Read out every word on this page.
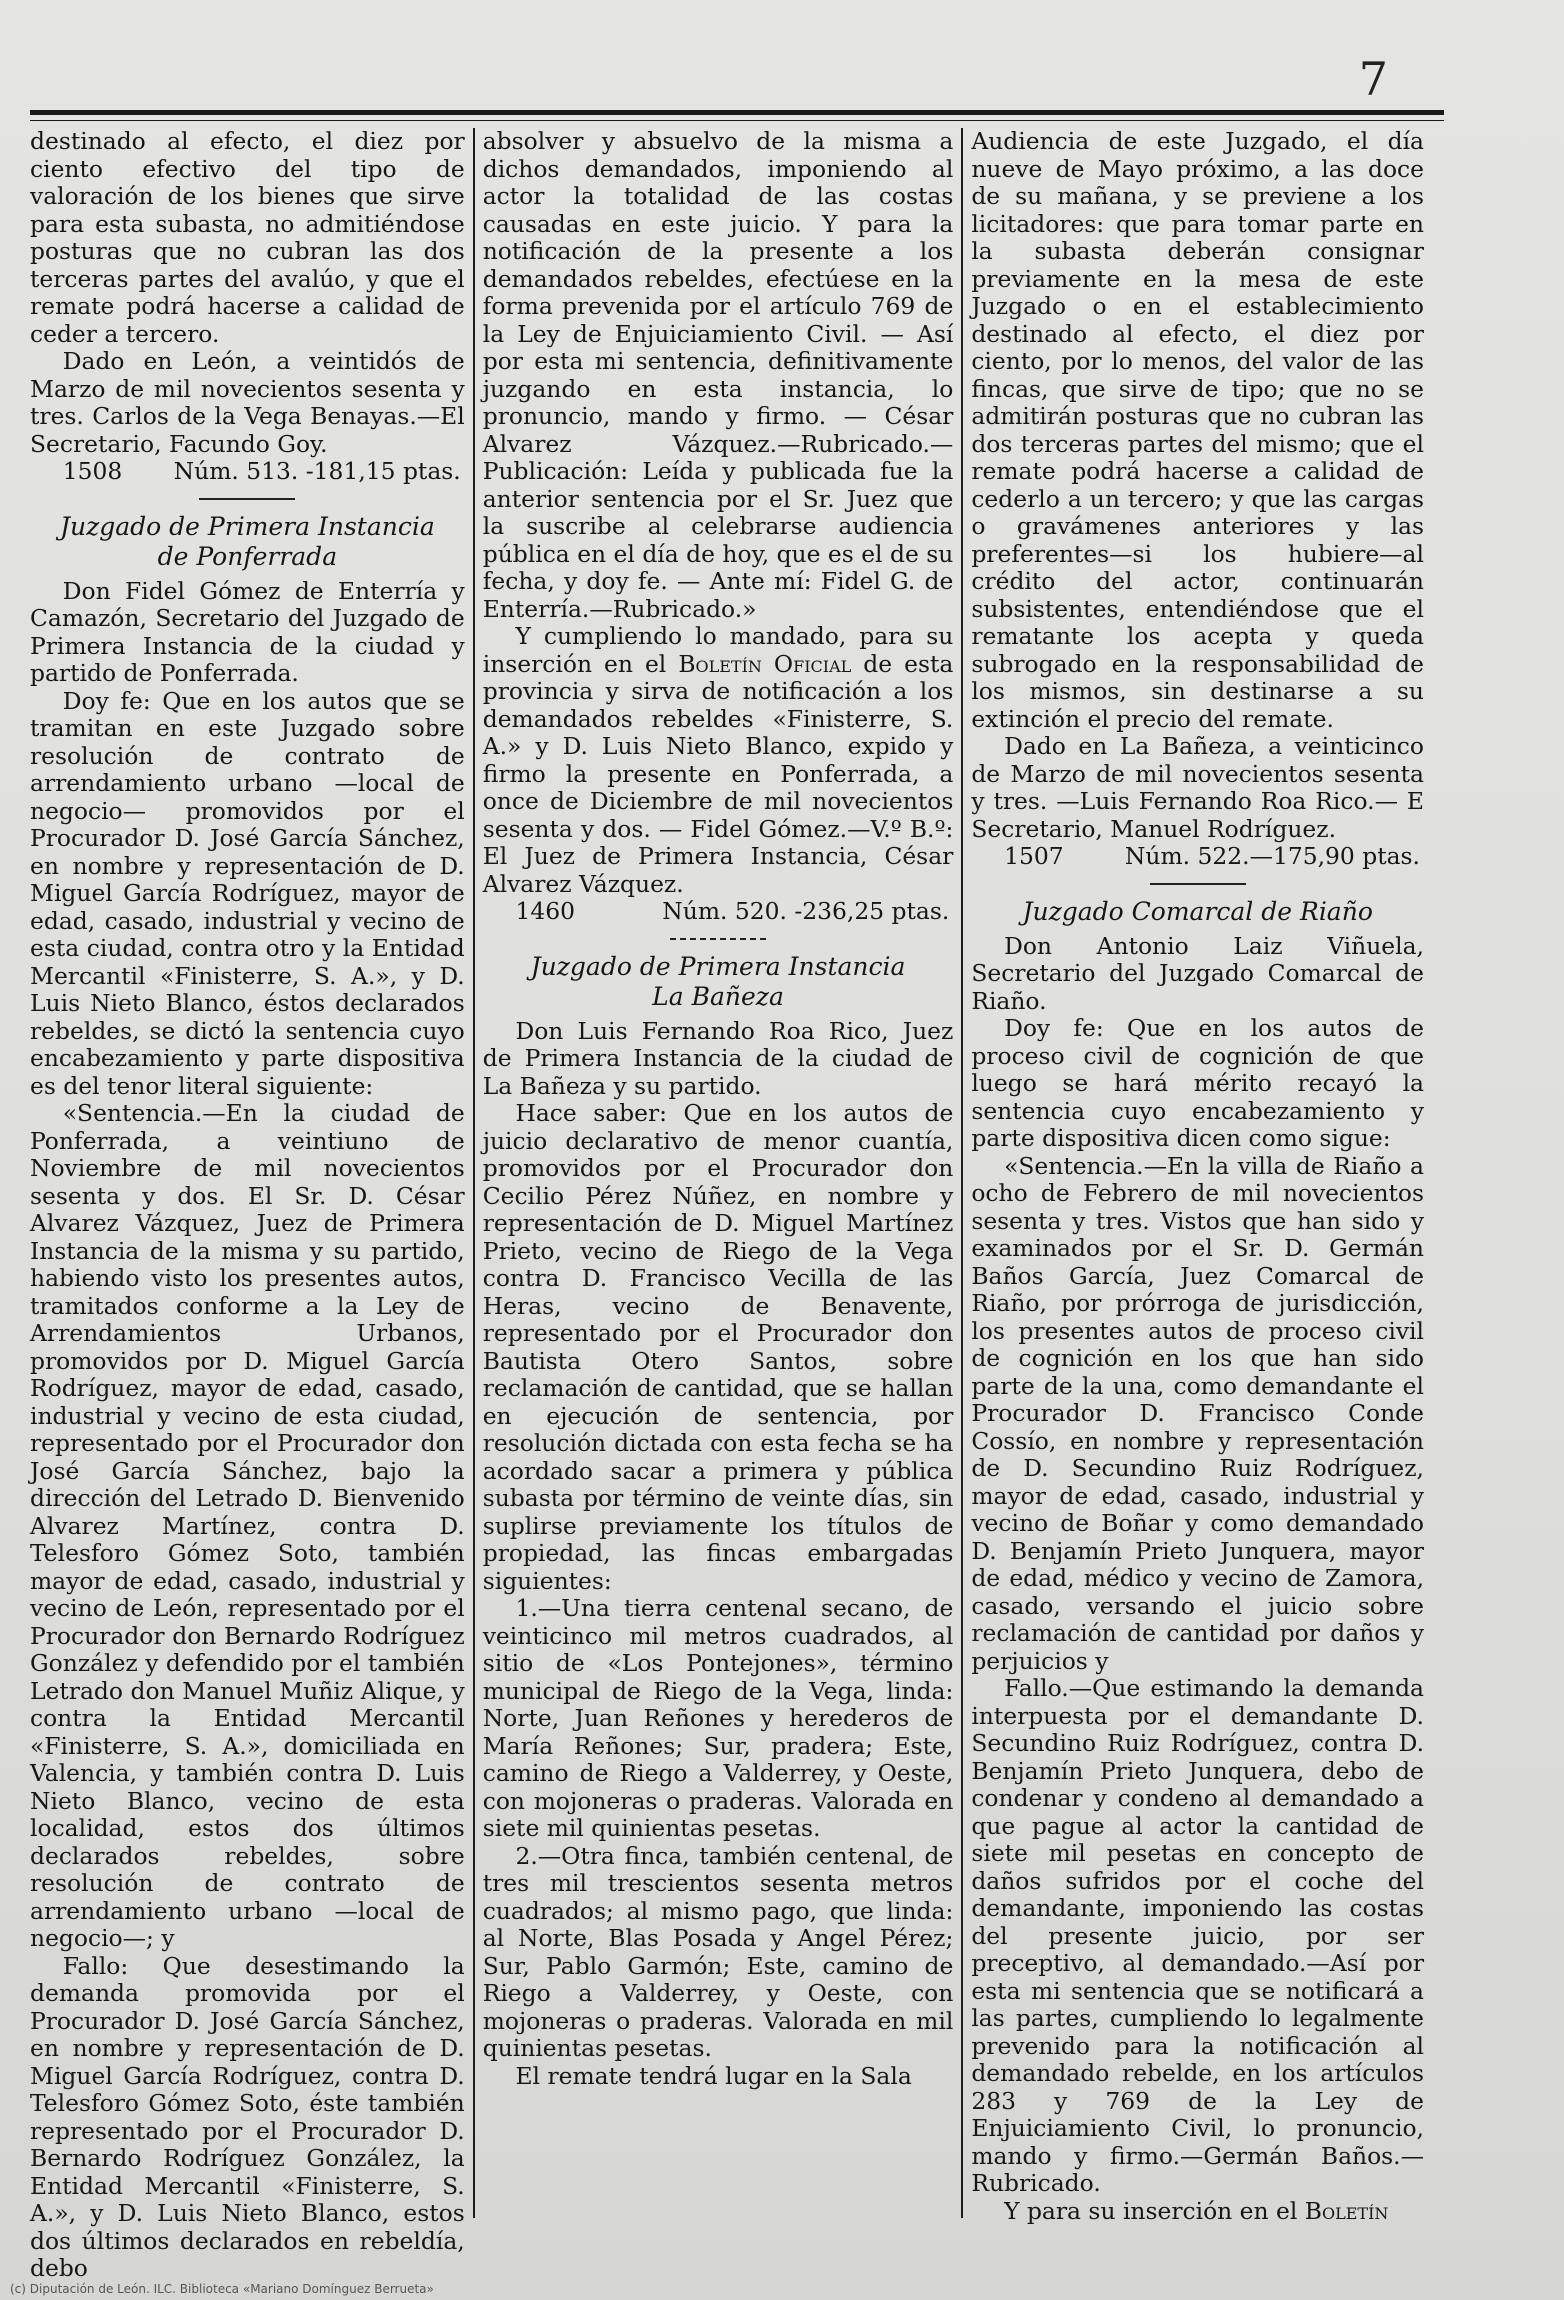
7

destinado al efecto, el diez por ciento efectivo del tipo de valoración de los bienes que sirve para esta subasta, no admitiéndose posturas que no cubran las dos terceras partes del avalúo, y que el remate podrá hacerse a calidad de ceder a tercero.

Dado en León, a veintidós de Marzo de mil novecientos sesenta y tres. Carlos de la Vega Benayas.—El Secretario, Facundo Goy.

1508	Núm. 513. -181,15 ptas.

Juzgado de Primera Instancia
de Ponferrada

Don Fidel Gómez de Enterría y Camazón, Secretario del Juzgado de Primera Instancia de la ciudad y partido de Ponferrada.

Doy fe: Que en los autos que se tramitan en este Juzgado sobre resolución de contrato de arrendamiento urbano —local de negocio— promovidos por el Procurador D. José García Sánchez, en nombre y representación de D. Miguel García Rodríguez, mayor de edad, casado, industrial y vecino de esta ciudad, contra otro y la Entidad Mercantil «Finisterre, S. A.», y D. Luis Nieto Blanco, éstos declarados rebeldes, se dictó la sentencia cuyo encabezamiento y parte dispositiva es del tenor literal siguiente:

«Sentencia.—En la ciudad de Ponferrada, a veintiuno de Noviembre de mil novecientos sesenta y dos. El Sr. D. César Alvarez Vázquez, Juez de Primera Instancia de la misma y su partido, habiendo visto los presentes autos, tramitados conforme a la Ley de Arrendamientos Urbanos, promovidos por D. Miguel García Rodríguez, mayor de edad, casado, industrial y vecino de esta ciudad, representado por el Procurador don José García Sánchez, bajo la dirección del Letrado D. Bienvenido Alvarez Martínez, contra D. Telesforo Gómez Soto, también mayor de edad, casado, industrial y vecino de León, representado por el Procurador don Bernardo Rodríguez González y defendido por el también Letrado don Manuel Muñiz Alique, y contra la Entidad Mercantil «Finisterre, S. A.», domiciliada en Valencia, y también contra D. Luis Nieto Blanco, vecino de esta localidad, estos dos últimos declarados rebeldes, sobre resolución de contrato de arrendamiento urbano —local de negocio—; y

Fallo: Que desestimando la demanda promovida por el Procurador D. José García Sánchez, en nombre y representación de D. Miguel García Rodríguez, contra D. Telesforo Gómez Soto, éste también representado por el Procurador D. Bernardo Rodríguez González, la Entidad Mercantil «Finisterre, S. A.», y D. Luis Nieto Blanco, estos dos últimos declarados en rebeldía, debo

absolver y absuelvo de la misma a dichos demandados, imponiendo al actor la totalidad de las costas causadas en este juicio. Y para la notificación de la presente a los demandados rebeldes, efectúese en la forma prevenida por el artículo 769 de la Ley de Enjuiciamiento Civil. — Así por esta mi sentencia, definitivamente juzgando en esta instancia, lo pronuncio, mando y firmo. — César Alvarez Vázquez.—Rubricado.—Publicación: Leída y publicada fue la anterior sentencia por el Sr. Juez que la suscribe al celebrarse audiencia pública en el día de hoy, que es el de su fecha, y doy fe. — Ante mí: Fidel G. de Enterría.—Rubricado.»

Y cumpliendo lo mandado, para su inserción en el Boletín Oficial de esta provincia y sirva de notificación a los demandados rebeldes «Finisterre, S. A.» y D. Luis Nieto Blanco, expido y firmo la presente en Ponferrada, a once de Diciembre de mil novecientos sesenta y dos. — Fidel Gómez.—V.º B.º: El Juez de Primera Instancia, César Alvarez Vázquez.

1460	Núm. 520. -236,25 ptas.

Juzgado de Primera Instancia
La Bañeza

Don Luis Fernando Roa Rico, Juez de Primera Instancia de la ciudad de La Bañeza y su partido.

Hace saber: Que en los autos de juicio declarativo de menor cuantía, promovidos por el Procurador don Cecilio Pérez Núñez, en nombre y representación de D. Miguel Martínez Prieto, vecino de Riego de la Vega contra D. Francisco Vecilla de las Heras, vecino de Benavente, representado por el Procurador don Bautista Otero Santos, sobre reclamación de cantidad, que se hallan en ejecución de sentencia, por resolución dictada con esta fecha se ha acordado sacar a primera y pública subasta por término de veinte días, sin suplirse previamente los títulos de propiedad, las fincas embargadas siguientes:

1.—Una tierra centenal secano, de veinticinco mil metros cuadrados, al sitio de «Los Pontejones», término municipal de Riego de la Vega, linda: Norte, Juan Reñones y herederos de María Reñones; Sur, pradera; Este, camino de Riego a Valderrey, y Oeste, con mojoneras o praderas. Valorada en siete mil quinientas pesetas.

2.—Otra finca, también centenal, de tres mil trescientos sesenta metros cuadrados; al mismo pago, que linda: al Norte, Blas Posada y Angel Pérez; Sur, Pablo Garmón; Este, camino de Riego a Valderrey, y Oeste, con mojoneras o praderas. Valorada en mil quinientas pesetas.

El remate tendrá lugar en la Sala

Audiencia de este Juzgado, el día nueve de Mayo próximo, a las doce de su mañana, y se previene a los licitadores: que para tomar parte en la subasta deberán consignar previamente en la mesa de este Juzgado o en el establecimiento destinado al efecto, el diez por ciento, por lo menos, del valor de las fincas, que sirve de tipo; que no se admitirán posturas que no cubran las dos terceras partes del mismo; que el remate podrá hacerse a calidad de cederlo a un tercero; y que las cargas o gravámenes anteriores y las preferentes—si los hubiere—al crédito del actor, continuarán subsistentes, entendiéndose que el rematante los acepta y queda subrogado en la responsabilidad de los mismos, sin destinarse a su extinción el precio del remate.

Dado en La Bañeza, a veinticinco de Marzo de mil novecientos sesenta y tres. —Luis Fernando Roa Rico.— E Secretario, Manuel Rodríguez.

1507	Núm. 522.—175,90 ptas.

Juzgado Comarcal de Riaño

Don Antonio Laiz Viñuela, Secretario del Juzgado Comarcal de Riaño.

Doy fe: Que en los autos de proceso civil de cognición de que luego se hará mérito recayó la sentencia cuyo encabezamiento y parte dispositiva dicen como sigue:

«Sentencia.—En la villa de Riaño a ocho de Febrero de mil novecientos sesenta y tres. Vistos que han sido y examinados por el Sr. D. Germán Baños García, Juez Comarcal de Riaño, por prórroga de jurisdicción, los presentes autos de proceso civil de cognición en los que han sido parte de la una, como demandante el Procurador D. Francisco Conde Cossío, en nombre y representación de D. Secundino Ruiz Rodríguez, mayor de edad, casado, industrial y vecino de Boñar y como demandado D. Benjamín Prieto Junquera, mayor de edad, médico y vecino de Zamora, casado, versando el juicio sobre reclamación de cantidad por daños y perjuicios y

Fallo.—Que estimando la demanda interpuesta por el demandante D. Secundino Ruiz Rodríguez, contra D. Benjamín Prieto Junquera, debo de condenar y condeno al demandado a que pague al actor la cantidad de siete mil pesetas en concepto de daños sufridos por el coche del demandante, imponiendo las costas del presente juicio, por ser preceptivo, al demandado.—Así por esta mi sentencia que se notificará a las partes, cumpliendo lo legalmente prevenido para la notificación al demandado rebelde, en los artículos 283 y 769 de la Ley de Enjuiciamiento Civil, lo pronuncio, mando y firmo.—Germán Baños.—Rubricado.

Y para su inserción en el Boletín

(c) Diputación de León. ILC. Biblioteca «Mariano Domínguez Berrueta»
